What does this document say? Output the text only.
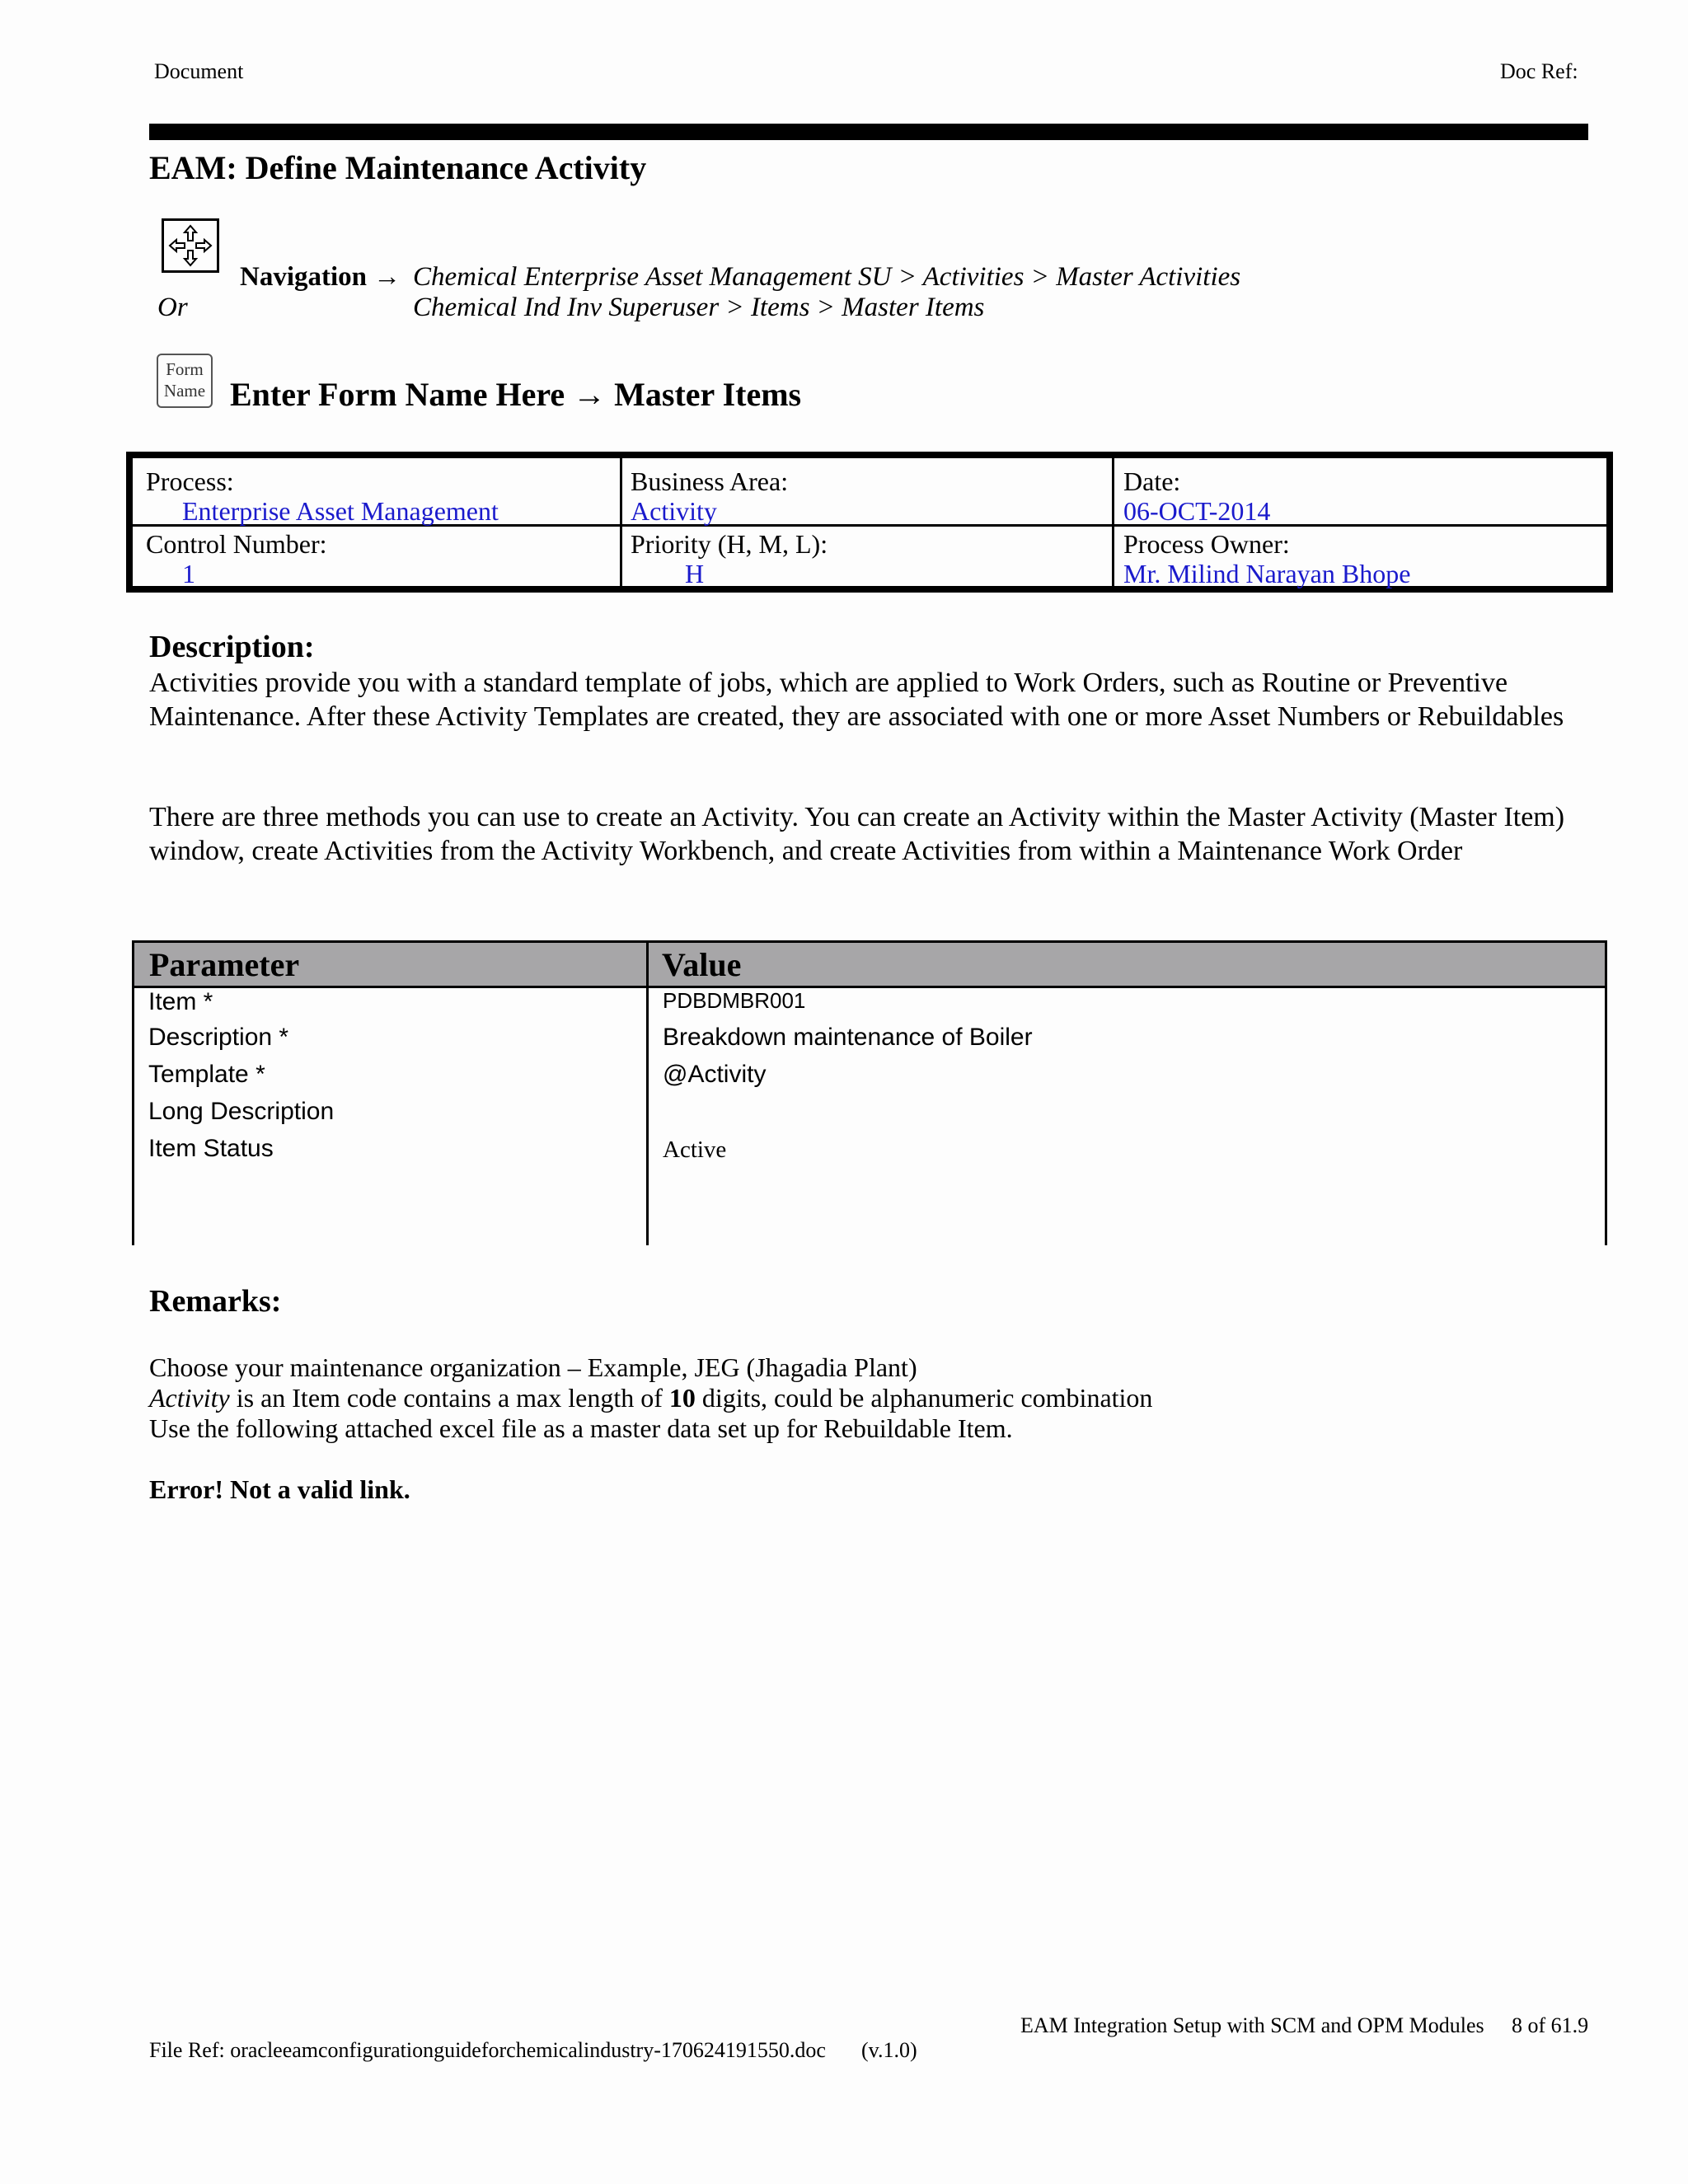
Document	Doc Ref:
EAM: Define Maintenance Activity
Navigation → Chemical Enterprise Asset Management SU > Activities > Master Activities
Or	Chemical Ind Inv Superuser > Items > Master Items
Form
Name Enter Form Name Here → Master Items
Process:
Enterprise Asset Management
Business Area:
Activity
Date:
06-OCT-2014
Control Number:
1
Priority (H, M, L):
H
Process Owner:
Mr. Milind Narayan Bhope
Description:
Activities provide you with a standard template of jobs, which are applied to Work Orders, such as Routine or Preventive Maintenance. After these Activity Templates are created, they are associated with one or more Asset Numbers or Rebuildables
There are three methods you can use to create an Activity. You can create an Activity within the Master Activity (Master Item) window, create Activities from the Activity Workbench, and create Activities from within a Maintenance Work Order
Parameter	Value
Item *	PDBDMBR001
Description *	Breakdown maintenance of Boiler
Template *	@Activity
Long Description
Item Status	Active
Remarks:
Choose your maintenance organization – Example, JEG (Jhagadia Plant)
Activity is an Item code contains a max length of 10 digits, could be alphanumeric combination
Use the following attached excel file as a master data set up for Rebuildable Item.
Error! Not a valid link.
EAM Integration Setup with SCM and OPM Modules 8 of 61.9
File Ref: oracleeamconfigurationguideforchemicalindustry-170624191550.doc (v.1.0)
